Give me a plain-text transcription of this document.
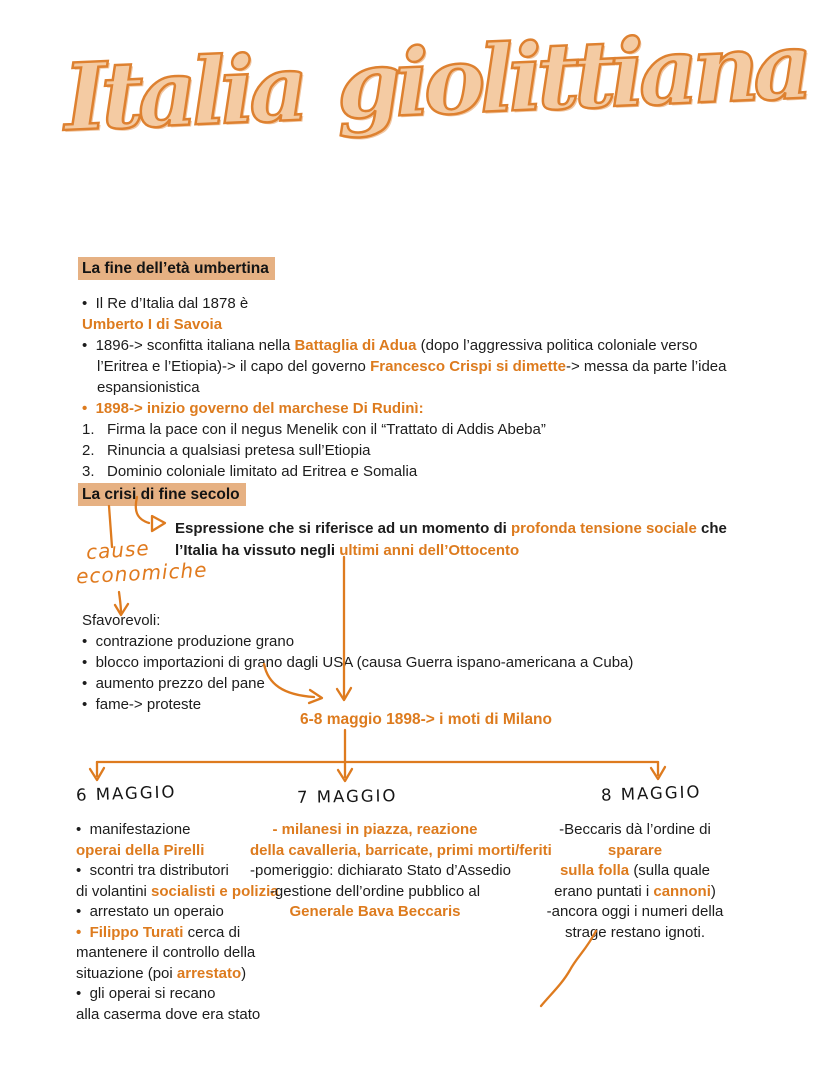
Italia giolittiana
La fine dell’età umbertina
•  Il Re d’Italia dal 1878 è
Umberto I di Savoia
•  1896-> sconfitta italiana nella Battaglia di Adua (dopo l’aggressiva politica coloniale verso
l’Eritrea e l’Etiopia)-> il capo del governo Francesco Crispi si dimette-> messa da parte l’idea
espansionistica
•  1898-> inizio governo del marchese Di Rudinì:
1.   Firma la pace con il negus Menelik con il “Trattato di Addis Abeba”
2.   Rinuncia a qualsiasi pretesa sull’Etiopia
3.   Dominio coloniale limitato ad Eritrea e Somalia
La crisi di fine secolo
Espressione che si riferisce ad un momento di profonda tensione sociale che
l’Italia ha vissuto negli ultimi anni dell’Ottocento
cause
economiche
Sfavorevoli:
•  contrazione produzione grano
•  blocco importazioni di grano dagli USA (causa Guerra ispano-americana a Cuba)
•  aumento prezzo del pane
•  fame-> proteste
6-8 maggio 1898-> i moti di Milano
6 MAGGIO	7 MAGGIO	8 MAGGIO
•  manifestazione
operai della Pirelli
•  scontri tra distributori
di volantini socialisti e polizia
•  arrestato un operaio
•  Filippo Turati cerca di
mantenere il controllo della
situazione (poi arrestato)
•  gli operai si recano
alla caserma dove era stato
- milanesi in piazza, reazione
della cavalleria, barricate, primi morti/feriti
-pomeriggio: dichiarato Stato d’Assedio
-gestione dell’ordine pubblico al
Generale Bava Beccaris
-Beccaris dà l’ordine di
sparare
sulla folla (sulla quale
erano puntati i cannoni)
-ancora oggi i numeri della
strage restano ignoti.
